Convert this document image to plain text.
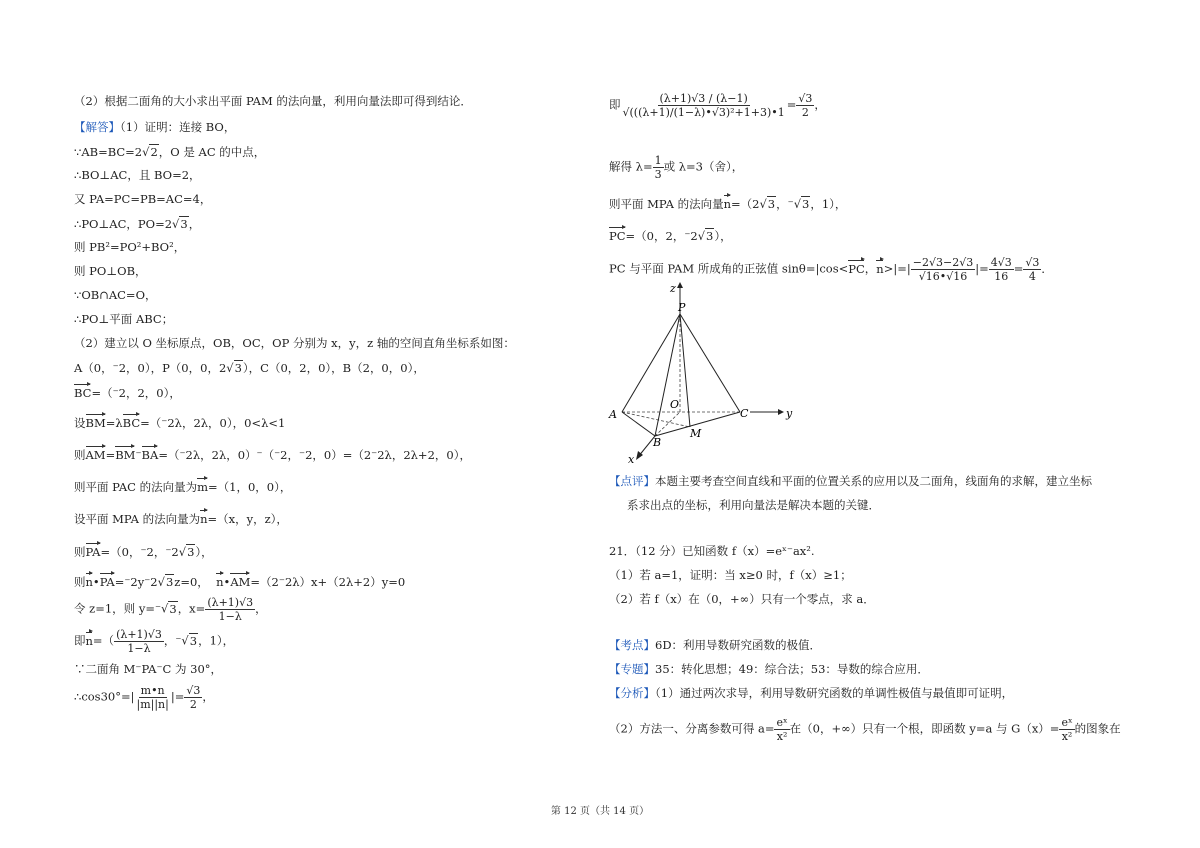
（2）根据二面角的大小求出平面 PAM 的法向量，利用向量法即可得到结论．
【解答】（1）证明：连接 BO，
∵AB=BC=2√2，O 是 AC 的中点，
∴BO⊥AC，且 BO=2，
又 PA=PC=PB=AC=4，
∴PO⊥AC，PO=2√3，
则 PB²=PO²+BO²，
则 PO⊥OB，
∵OB∩AC=O，
∴PO⊥平面 ABC；
（2）建立以 O 坐标原点，OB，OC，OP 分别为 x，y，z 轴的空间直角坐标系如图：
A（0，⁻2，0），P（0，0，2√3），C（0，2，0），B（2，0，0），
BC=（⁻2，2，0），
设BM=λBC=（⁻2λ，2λ，0），0<λ<1
则AM=BM⁻BA=（⁻2λ，2λ，0）⁻（⁻2，⁻2，0）=（2⁻2λ，2λ+2，0），
则平面 PAC 的法向量为m=（1，0，0），
设平面 MPA 的法向量为n=（x，y，z），
则PA=（0，⁻2，⁻2√3），
则n•PA=⁻2y⁻2√3z=0， n•AM=（2⁻2λ）x+（2λ+2）y=0
令 z=1，则 y=⁻√3，$x= \frac{(\lambda+1)√3}{1-\lambda}$ ，
即$n=( \frac{(\lambda+1)√3}{1-\lambda}$ ，⁻√3，1），
∵二面角 M⁻PA⁻C 为 30°，
∴cos30°=| $\frac{m•n}{|m||n|}$ |= $\frac{√3}{2}$ ，
即 $\frac{(\lambda+1)√3 / (\lambda-1)}{\text{√(((λ+1)/(1−λ)•√3)²+1+3)•1}} = \frac{√3}{2}$ ，
解得 $\lambda= \frac{1}{3}$ 或 λ=3（舍），
则平面 MPA 的法向量n=（2√3，⁻√3，1），
PC=（0，2，⁻2√3），
PC 与平面 PAM 所成角的正弦值 sinθ=|cos<PC，$n>|=| \frac{-2√3-2√3}{√16•√16}$ |= $\frac{4√3}{16} = \frac{√3}{4}$ ．
【点评】本题主要考查空间直线和平面的位置关系的应用以及二面角，线面角的求解，建立坐标
系求出点的坐标，利用向量法是解决本题的关键．
21．（12 分）已知函数 f（x）=eˣ⁻ax².
（1）若 a=1，证明：当 x≥0 时，f（x）≥1；
（2）若 f（x）在（0，+∞）只有一个零点，求 a．
【考点】6D：利用导数研究函数的极值．
【专题】35：转化思想；49：综合法；53：导数的综合应用．
【分析】（1）通过两次求导，利用导数研究函数的单调性极值与最值即可证明，
（2）方法一、分离参数可得 $a= \frac{\text{eˣ}}{\text{x²}}$ 在（0，+∞）只有一个根，即函数 y=a 与 $G(x)= \frac{\text{eˣ}}{\text{x²}}$ 的图象在
z
y
x
P
O
A	C
B
M
第 12 页（共 14 页）
